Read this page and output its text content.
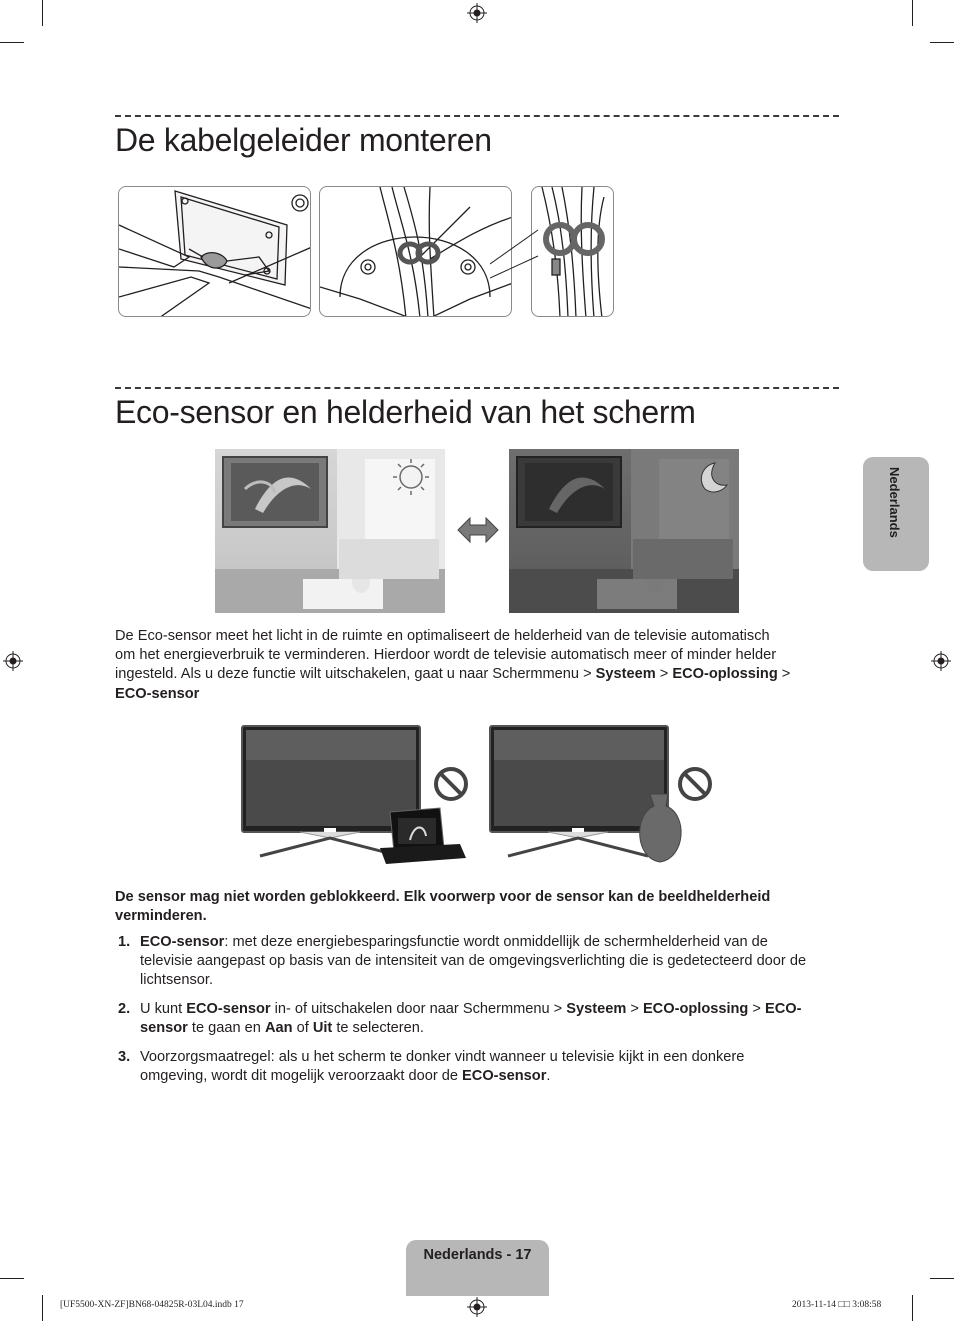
De kabelgeleider monteren
Eco-sensor en helderheid van het scherm
De Eco-sensor meet het licht in de ruimte en optimaliseert de helderheid van de televisie automatisch
om het energieverbruik te verminderen. Hierdoor wordt de televisie automatisch meer of minder helder
ingesteld. Als u deze functie wilt uitschakelen, gaat u naar Schermmenu > Systeem > ECO-oplossing >
ECO-sensor
De sensor mag niet worden geblokkeerd. Elk voorwerp voor de sensor kan de beeldhelderheid
verminderen.
1. ECO-sensor: met deze energiebesparingsfunctie wordt onmiddellijk de schermhelderheid van de
televisie aangepast op basis van de intensiteit van de omgevingsverlichting die is gedetecteerd door de
lichtsensor.
2. U kunt ECO-sensor in- of uitschakelen door naar Schermmenu > Systeem > ECO-oplossing > ECO-
sensor te gaan en Aan of Uit te selecteren.
3. Voorzorgsmaatregel: als u het scherm te donker vindt wanneer u televisie kijkt in een donkere
omgeving, wordt dit mogelijk veroorzaakt door de ECO-sensor.
Nederlands
Nederlands - 17
[UF5500-XN-ZF]BN68-04825R-03L04.indb 17	2013-11-14 □□ 3:08:58
